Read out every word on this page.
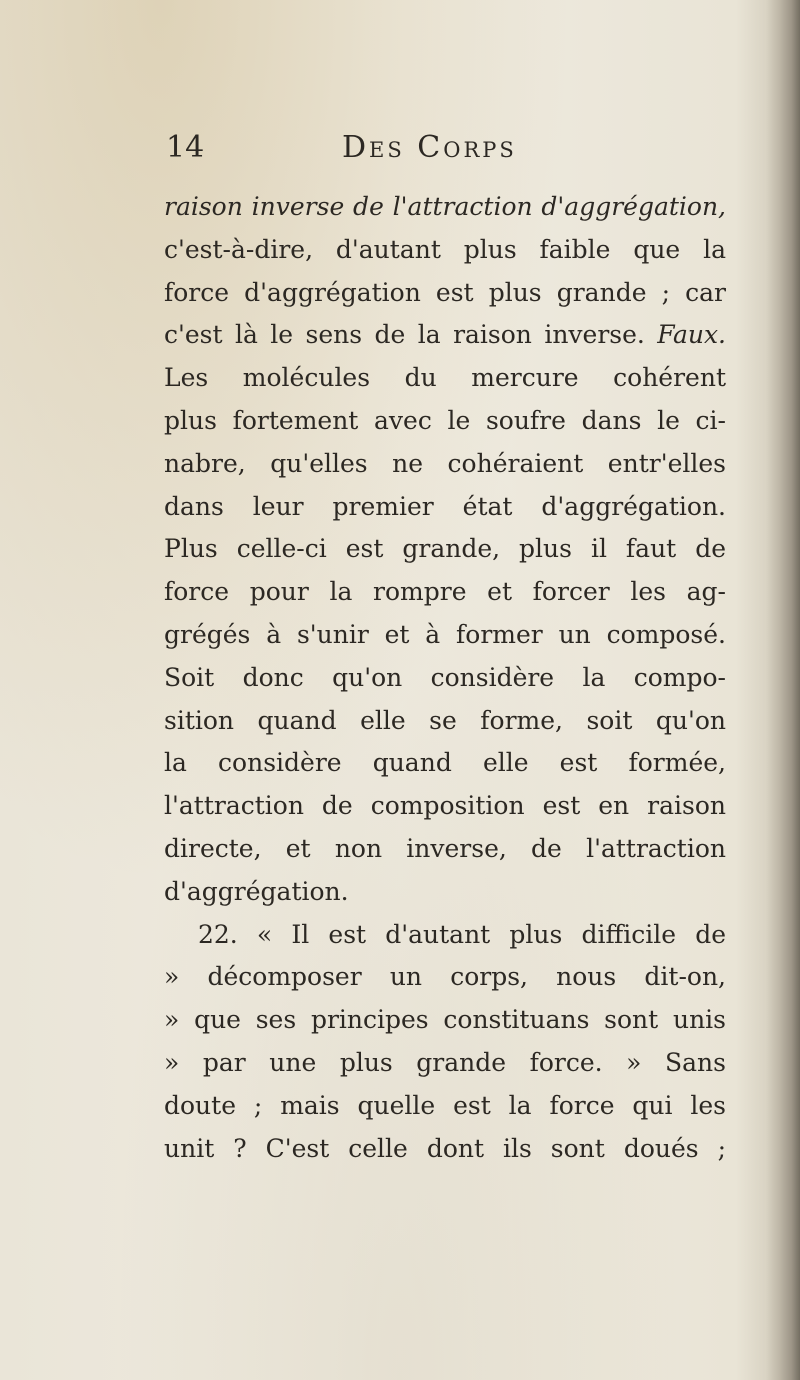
14	Des Corps
raison inverse de l'attraction d'aggrégation,
c'est-à-dire, d'autant plus faible que la
force d'aggrégation est plus grande ; car
c'est là le sens de la raison inverse. Faux.
Les molécules du mercure cohérent
plus fortement avec le soufre dans le ci-
nabre, qu'elles ne cohéraient entr'elles
dans leur premier état d'aggrégation.
Plus celle-ci est grande, plus il faut de
force pour la rompre et forcer les ag-
grégés à s'unir et à former un composé.
Soit donc qu'on considère la compo-
sition quand elle se forme, soit qu'on
la considère quand elle est formée,
l'attraction de composition est en raison
directe, et non inverse, de l'attraction
d'aggrégation.
22. « Il est d'autant plus difficile de
» décomposer un corps, nous dit-on,
» que ses principes constituans sont unis
» par une plus grande force. » Sans
doute ; mais quelle est la force qui les
unit ? C'est celle dont ils sont doués ;
